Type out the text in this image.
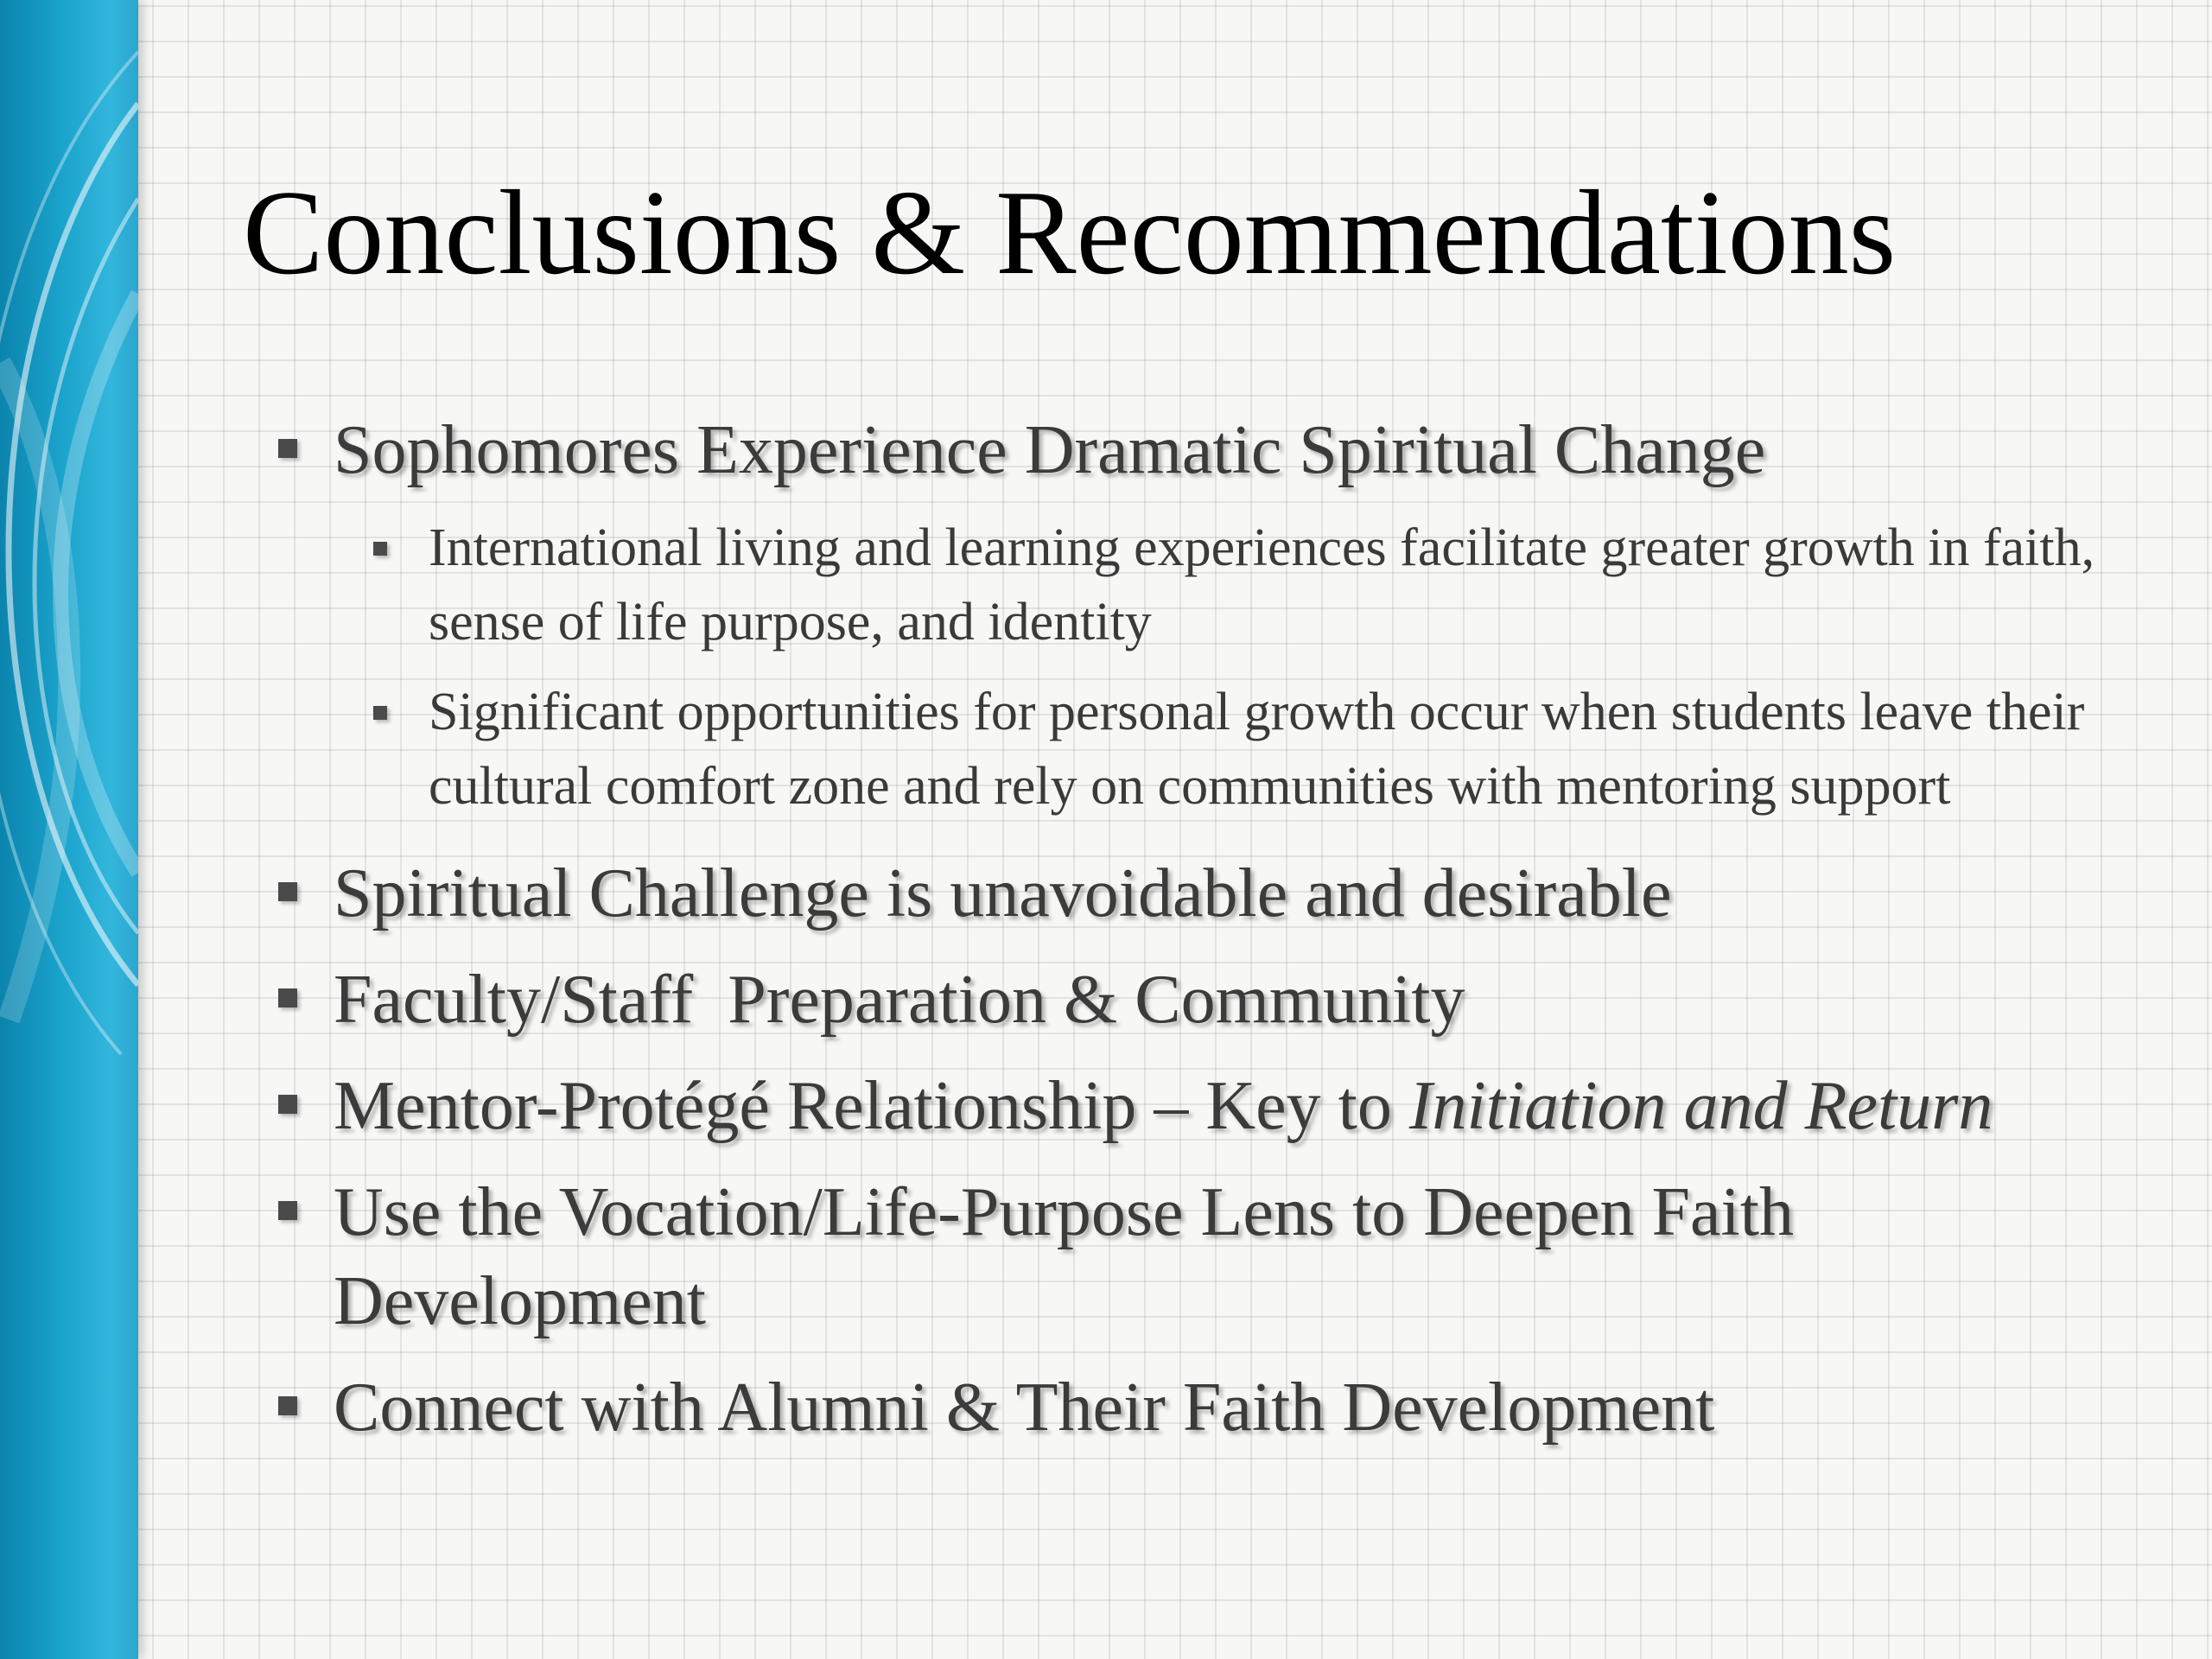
Conclusions & Recommendations
Sophomores Experience Dramatic Spiritual Change
International living and learning experiences facilitate greater growth in faith, sense of life purpose, and identity
Significant opportunities for personal growth occur when students leave their cultural comfort zone and rely on communities with mentoring support
Spiritual Challenge is unavoidable and desirable
Faculty/Staff  Preparation & Community
Mentor-Protégé Relationship – Key to Initiation and Return
Use the Vocation/Life-Purpose Lens to Deepen Faith Development
Connect with Alumni & Their Faith Development
